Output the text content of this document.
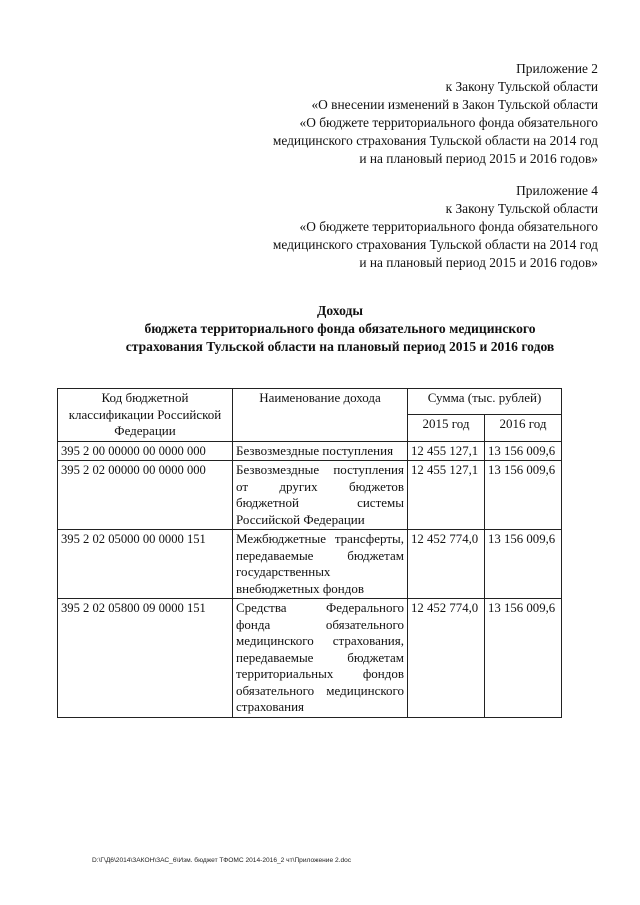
Приложение 2
к Закону Тульской области
«О внесении изменений в Закон Тульской области
«О бюджете территориального фонда обязательного
медицинского страхования Тульской области на 2014 год
и на плановый период 2015 и 2016 годов»
Приложение 4
к Закону Тульской области
«О бюджете территориального фонда обязательного
медицинского страхования Тульской области на 2014 год
и на плановый период 2015 и 2016 годов»
Доходы
бюджета территориального фонда обязательного медицинского
страхования Тульской области на плановый период 2015 и 2016 годов
Код бюджетной классификации Российской Федерации	Наименование дохода	Сумма (тыс. рублей)	
		2015 год	2016 год
395 2 00 00000 00 0000 000	Безвозмездные поступления	12 455 127,1	13 156 009,6
395 2 02 00000 00 0000 000	Безвозмездные поступления от других бюджетов бюджетной системы Российской Федерации	12 455 127,1	13 156 009,6
395 2 02 05000 00 0000 151	Межбюджетные трансферты, передаваемые бюджетам государственных внебюджетных фондов	12 452 774,0	13 156 009,6
395 2 02 05800 09 0000 151	Средства Федерального фонда обязательного медицинского страхования, передаваемые бюджетам территориальных фондов обязательного медицинского страхования	12 452 774,0	13 156 009,6
D:\Г\Д6\2014\ЗАКОН\ЗАС_6\Изм. бюджет ТФОМС 2014-2016_2 чт\Приложение 2.doc
